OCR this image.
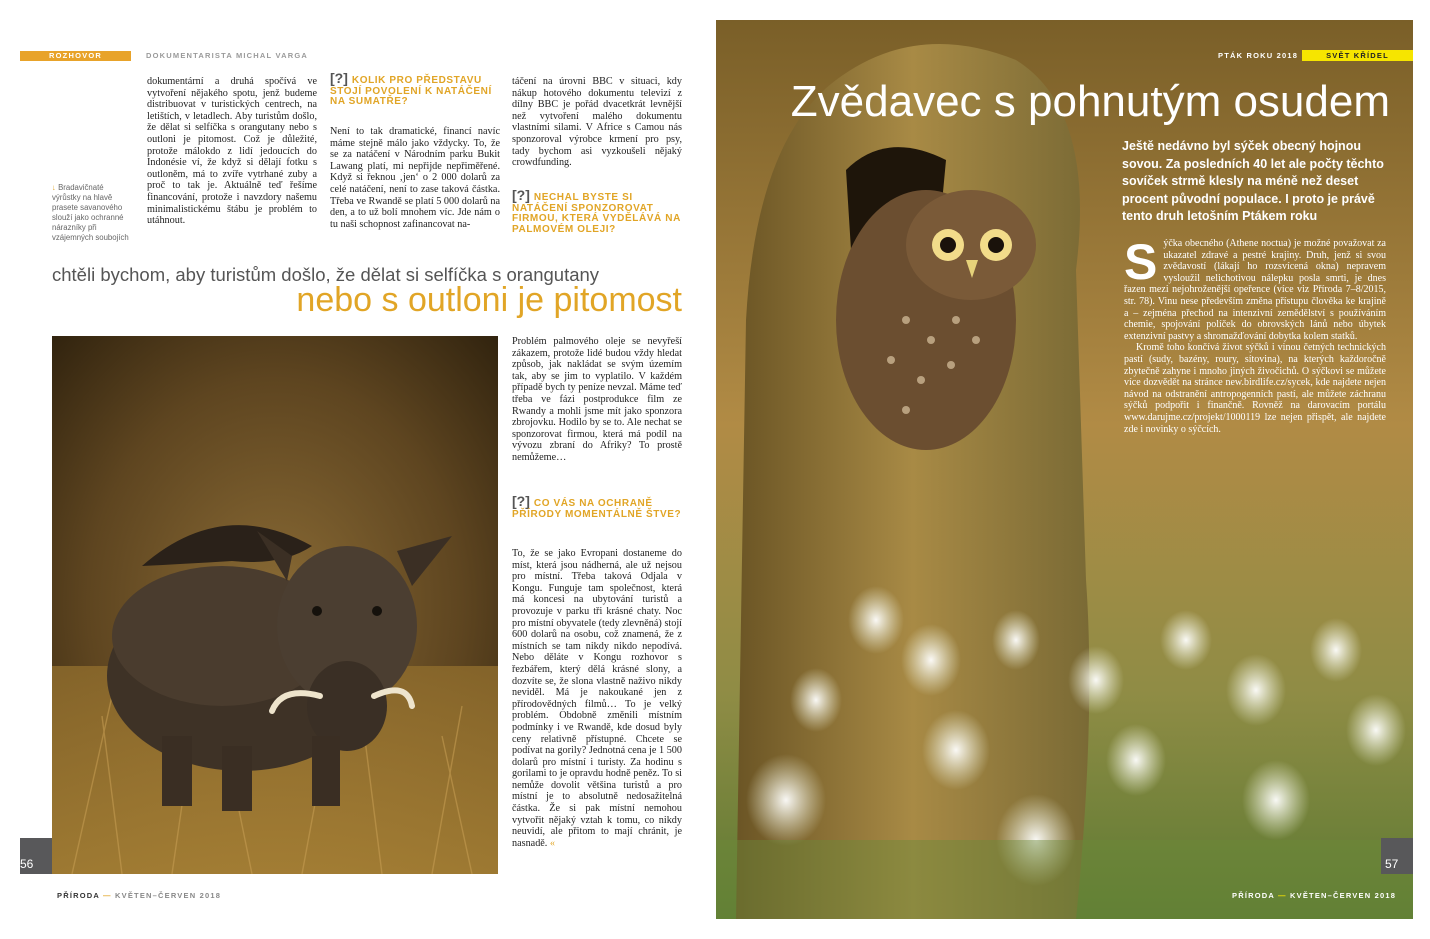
ROZHOVOR	DOKUMENTARISTA MICHAL VARGA
dokumentární a druhá spočívá ve vytvoření nějakého spotu, jenž budeme distribuovat v turistických centrech, na letištích, v letadlech. Aby turistům došlo, že dělat si selfíčka s orangutany nebo s outloni je pitomost. Což je důležité, protože málokdo z lidí jedoucích do Indonésie ví, že když si dělají fotku s outloněm, má to zvíře vytrhané zuby a proč to tak je. Aktuálně teď řešíme financování, protože i navzdory našemu minimalistickému štábu je problém to utáhnout.
↓ Bradavičnaté výrůstky na hlavě prasete savanového slouží jako ochranné nárazníky při vzájemných soubojích
[?] KOLIK PRO PŘEDSTAVU STOJÍ POVOLENÍ K NATÁČENÍ NA SUMATŘE?
Není to tak dramatické, financí navíc máme stejně málo jako vždycky. To, že se za natáčení v Národním parku Bukit Lawang platí, mi nepřijde nepřiměřené. Když si řeknou ‚jen‘ o 2 000 dolarů za celé natáčení, není to zase taková částka. Třeba ve Rwandě se platí 5 000 dolarů na den, a to už bolí mnohem víc. Jde nám o tu naši schopnost zafinancovat na-
táčení na úrovni BBC v situaci, kdy nákup hotového dokumentu televizí z dílny BBC je pořád dvacetkrát levnější než vytvoření malého dokumentu vlastními silami. V Africe s Camou nás sponzoroval výrobce krmení pro psy, tady bychom asi vyzkoušeli nějaký crowdfunding.
[?] NECHAL BYSTE SI NATÁČENÍ SPONZOROVAT FIRMOU, KTERÁ VYDĚLÁVÁ NA PALMOVÉM OLEJI?
chtěli bychom, aby turistům došlo, že dělat si selfíčka s orangutany
nebo s outloni je pitomost
Problém palmového oleje se nevyřeší zákazem, protože lidé budou vždy hledat způsob, jak nakládat se svým územím tak, aby se jim to vyplatilo. V každém případě bych ty peníze nevzal. Máme teď třeba ve fázi postprodukce film ze Rwandy a mohli jsme mít jako sponzora zbrojovku. Hodilo by se to. Ale nechat se sponzorovat firmou, která má podíl na vývozu zbraní do Afriky? To prostě nemůžeme…
[?] CO VÁS NA OCHRANĚ PŘÍRODY MOMENTÁLNĚ ŠTVE?
To, že se jako Evropani dostaneme do míst, která jsou nádherná, ale už nejsou pro místní. Třeba taková Odjala v Kongu. Funguje tam společnost, která má koncesi na ubytování turistů a provozuje v parku tři krásné chaty. Noc pro místní obyvatele (tedy zlevněná) stojí 600 dolarů na osobu, což znamená, že z místních se tam nikdy nikdo nepodívá. Nebo děláte v Kongu rozhovor s řezbářem, který dělá krásné slony, a dozvíte se, že slona vlastně naživo nikdy neviděl. Má je nakoukané jen z přírodovědných filmů… To je velký problém. Obdobně změnili místním podmínky i ve Rwandě, kde dosud byly ceny relativně přístupné. Chcete se podívat na gorily? Jednotná cena je 1 500 dolarů pro místní i turisty. Za hodinu s gorilami to je opravdu hodně peněz. To si nemůže dovolit většina turistů a pro místní je to absolutně nedosažitelná částka. Že si pak místní nemohou vytvořit nějaký vztah k tomu, co nikdy neuvidí, ale přitom to mají chránit, je nasnadě. «
56
PŘÍRODA — KVĚTEN–ČERVEN 2018
PTÁK ROKU 2018	SVĚT KŘÍDEL
Zvědavec s pohnutým osudem
Ještě nedávno byl sýček obecný hojnou sovou. Za posledních 40 let ale počty těchto sovíček strmě klesly na méně než deset procent původní populace. I proto je právě tento druh letošním Ptákem roku
Sýčka obecného (Athene noctua) je možné považovat za ukazatel zdravé a pestré krajiny. Druh, jenž si svou zvědavostí (lákají ho rozsvícená okna) nepravem vysloužil nelichotivou nálepku posla smrti, je dnes řazen mezi nejohroženější opeřence (více viz Příroda 7–8/2015, str. 78). Vinu nese především změna přístupu člověka ke krajině a – zejména přechod na intenzivní zemědělství s používáním chemie, spojování políček do obrovských lánů nebo úbytek extenzivní pastvy a shromažďování dobytka kolem statků.
Kromě toho končívá život sýčků i vinou četných technických pastí (sudy, bazény, roury, sítovina), na kterých každoročně zbytečně zahyne i mnoho jiných živočichů. O sýčkovi se můžete více dozvědět na stránce new.birdlife.cz/sycek, kde najdete nejen návod na odstranění antropogenních pastí, ale můžete záchranu sýčků podpořit i finančně. Rovněž na darovacím portálu www.darujme.cz/projekt/1000119 lze nejen přispět, ale najdete zde i novinky o sýčcích.
57
PŘÍRODA — KVĚTEN–ČERVEN 2018
